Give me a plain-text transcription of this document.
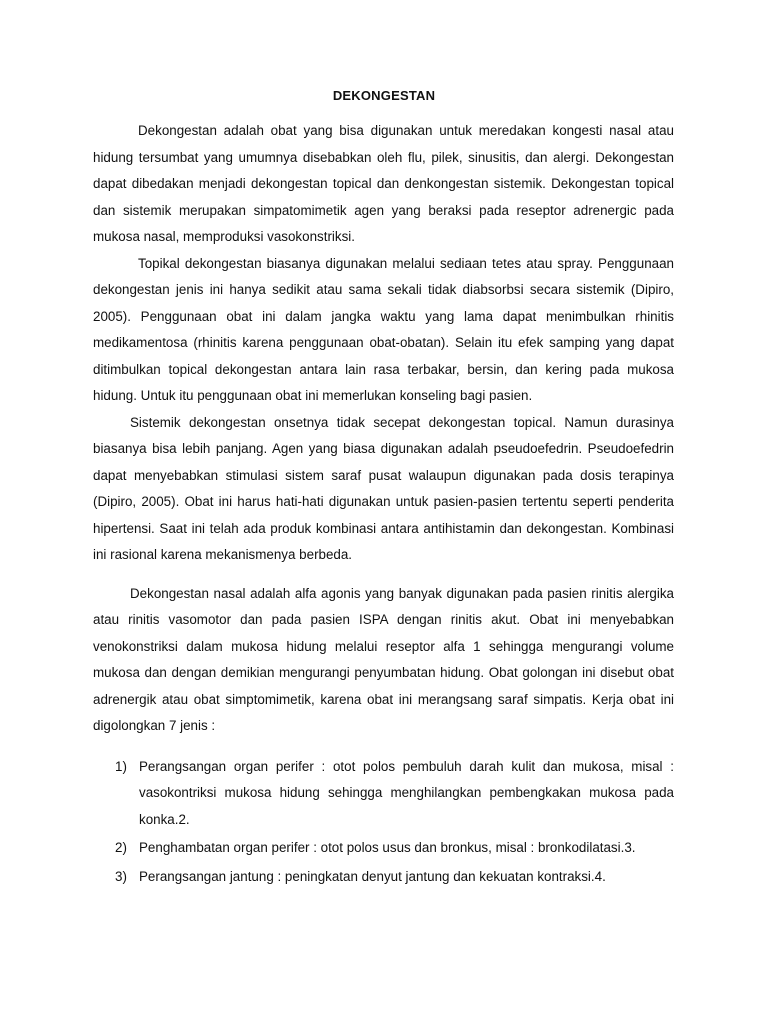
DEKONGESTAN

Dekongestan adalah obat yang bisa digunakan untuk meredakan kongesti nasal atau hidung tersumbat yang umumnya disebabkan oleh flu, pilek, sinusitis, dan alergi. Dekongestan dapat dibedakan menjadi dekongestan topical dan denkongestan sistemik. Dekongestan topical dan sistemik merupakan simpatomimetik agen yang beraksi pada reseptor adrenergic pada mukosa nasal, memproduksi vasokonstriksi.

Topikal dekongestan biasanya digunakan melalui sediaan tetes atau spray. Penggunaan dekongestan jenis ini hanya sedikit atau sama sekali tidak diabsorbsi secara sistemik (Dipiro, 2005). Penggunaan obat ini dalam jangka waktu yang lama dapat menimbulkan rhinitis medikamentosa (rhinitis karena penggunaan obat-obatan). Selain itu efek samping yang dapat ditimbulkan topical dekongestan antara lain rasa terbakar, bersin, dan kering pada mukosa hidung. Untuk itu penggunaan obat ini memerlukan konseling bagi pasien.

Sistemik dekongestan onsetnya tidak secepat dekongestan topical. Namun durasinya biasanya bisa lebih panjang. Agen yang biasa digunakan adalah pseudoefedrin. Pseudoefedrin dapat menyebabkan stimulasi sistem saraf pusat walaupun digunakan pada dosis terapinya (Dipiro, 2005). Obat ini harus hati-hati digunakan untuk pasien-pasien tertentu seperti penderita hipertensi. Saat ini telah ada produk kombinasi antara antihistamin dan dekongestan. Kombinasi ini rasional karena mekanismenya berbeda.

Dekongestan nasal adalah alfa agonis yang banyak digunakan pada pasien rinitis alergika atau rinitis vasomotor dan pada pasien ISPA dengan rinitis akut. Obat ini menyebabkan venokonstriksi dalam mukosa hidung melalui reseptor alfa 1 sehingga mengurangi volume mukosa dan dengan demikian mengurangi penyumbatan hidung. Obat golongan ini disebut obat adrenergik atau obat simptomimetik, karena obat ini merangsang saraf simpatis. Kerja obat ini digolongkan 7 jenis :

1) Perangsangan organ perifer : otot polos pembuluh darah kulit dan mukosa, misal : vasokontriksi mukosa hidung sehingga menghilangkan pembengkakan mukosa pada konka.2.
2) Penghambatan organ perifer : otot polos usus dan bronkus, misal : bronkodilatasi.3.
3) Perangsangan jantung : peningkatan denyut jantung dan kekuatan kontraksi.4.
